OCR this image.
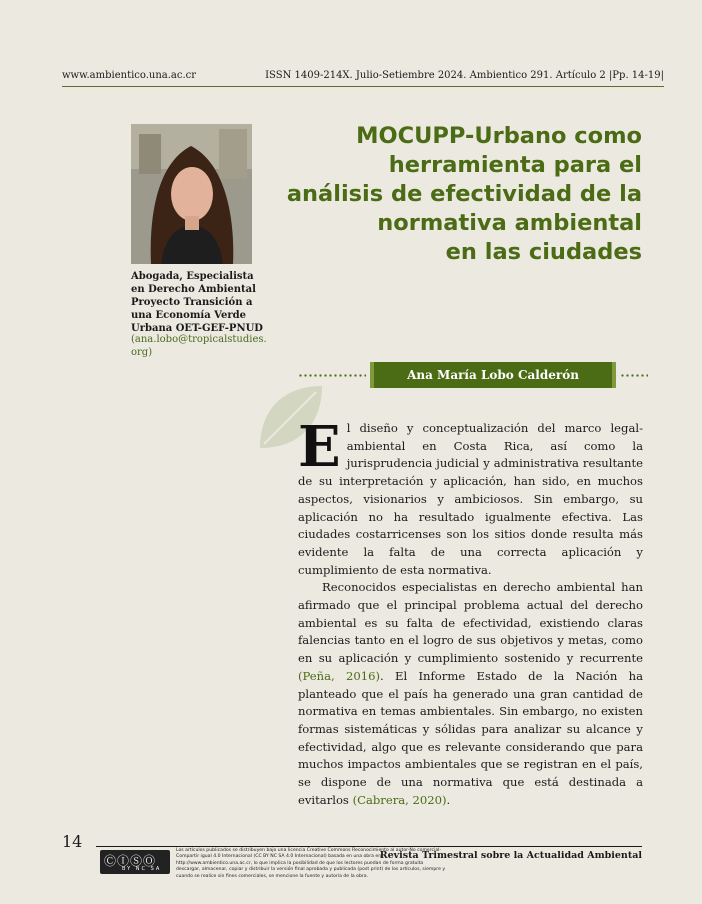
www.ambientico.una.ac.cr	ISSN 1409-214X. Julio-Setiembre 2024. Ambientico 291. Artículo 2 |Pp. 14-19|
Abogada, Especialista
en Derecho Ambiental
Proyecto Transición a
una Economía Verde
Urbana OET-GEF-PNUD
(ana.lobo@tropicalstudies.
org)
MOCUPP-Urbano como
herramienta para el
análisis de efectividad de la
normativa ambiental
en las ciudades
Ana María Lobo Calderón

El diseño y conceptualización del marco legal-ambiental en Costa Rica, así como la jurisprudencia judicial y administrativa resultante de su interpretación y aplicación, han sido, en muchos aspectos, visionarios y ambiciosos. Sin embargo, su aplicación no ha resultado igualmente efectiva. Las ciudades costarricenses son los sitios donde resulta más evidente la falta de una correcta aplicación y cumplimiento de esta normativa.

Reconocidos especialistas en derecho ambiental han afirmado que el principal problema actual del derecho ambiental es su falta de efectividad, existiendo claras falencias tanto en el logro de sus objetivos y metas, como en su aplicación y cumplimiento sostenido y recurrente (Peña, 2016). El Informe Estado de la Nación ha planteado que el país ha generado una gran cantidad de normativa en temas ambientales. Sin embargo, no existen formas sistemáticas y sólidas para analizar su alcance y efectividad, algo que es relevante considerando que para muchos impactos ambientales que se registran en el país, se dispone de una normativa que está destinada a evitarlos (Cabrera, 2020).

14
ⒸⒾⓈⓄ
BY NC SA
Los artículos publicados se distribuyen bajo una licencia Creative Commons Reconocimiento al autor-No comercial-Compartir igual 4.0 Internacional (CC BY NC SA 4.0 Internacional) basada en una obra en http://www.ambientico.una.ac.cr, lo que implica la posibilidad de que los lectores puedan de forma gratuita descargar, almacenar, copiar y distribuir la versión final aprobada y publicada (post print) de los artículos, siempre y cuando se realice sin fines comerciales, se mencione la fuente y autoría de la obra.
Revista Trimestral sobre la Actualidad Ambiental
